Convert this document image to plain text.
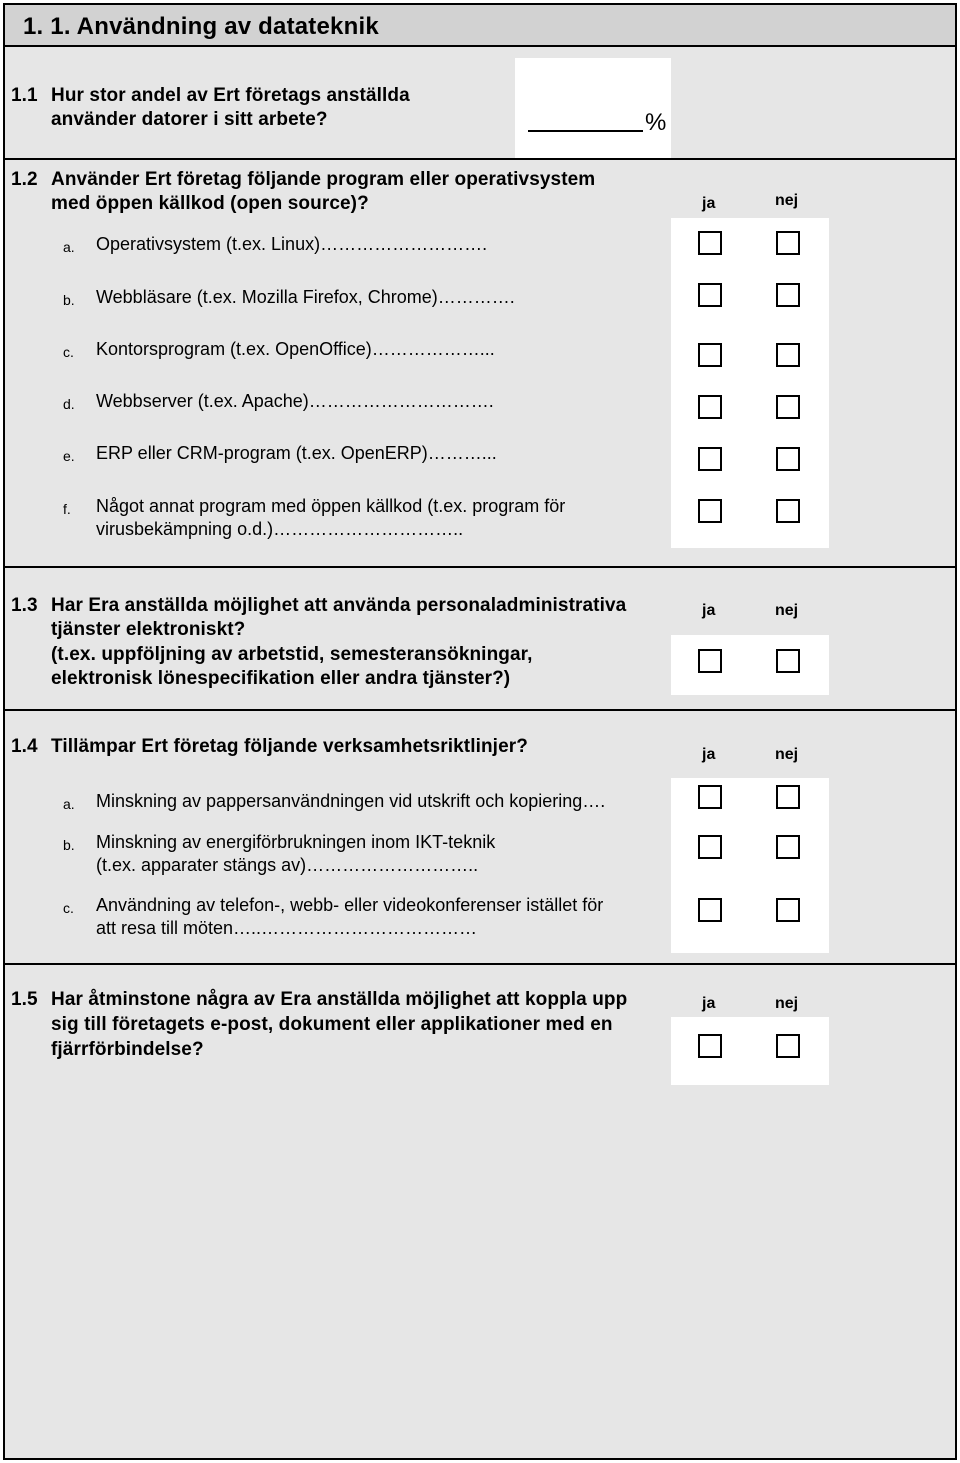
1. 1. Användning av datateknik
1.1 Hur stor andel av Ert företags anställda
använder datorer i sitt arbete?	%
1.2 Använder Ert företag följande program eller operativsystem
med öppen källkod (open source)?	ja	nej
a. Operativsystem (t.ex. Linux)……………………….
b. Webbläsare (t.ex. Mozilla Firefox, Chrome)………….
c. Kontorsprogram (t.ex. OpenOffice)………………...
d. Webbserver (t.ex. Apache)………………………….
e. ERP eller CRM-program (t.ex. OpenERP)………...
f. Något annat program med öppen källkod (t.ex. program för
virusbekämpning o.d.)…………………………..
1.3 Har Era anställda möjlighet att använda personaladministrativa
tjänster elektroniskt?
(t.ex. uppföljning av arbetstid, semesteransökningar,
elektronisk lönespecifikation eller andra tjänster?)
ja	nej
1.4 Tillämpar Ert företag följande verksamhetsriktlinjer?	ja	nej
a. Minskning av pappersanvändningen vid utskrift och kopiering….
b. Minskning av energiförbrukningen inom IKT-teknik
(t.ex. apparater stängs av)………………………..
c. Användning av telefon-, webb- eller videokonferenser istället för
att resa till möten…..………………………………
1.5 Har åtminstone några av Era anställda möjlighet att koppla upp
sig till företagets e-post, dokument eller applikationer med en
fjärrförbindelse?
ja	nej
